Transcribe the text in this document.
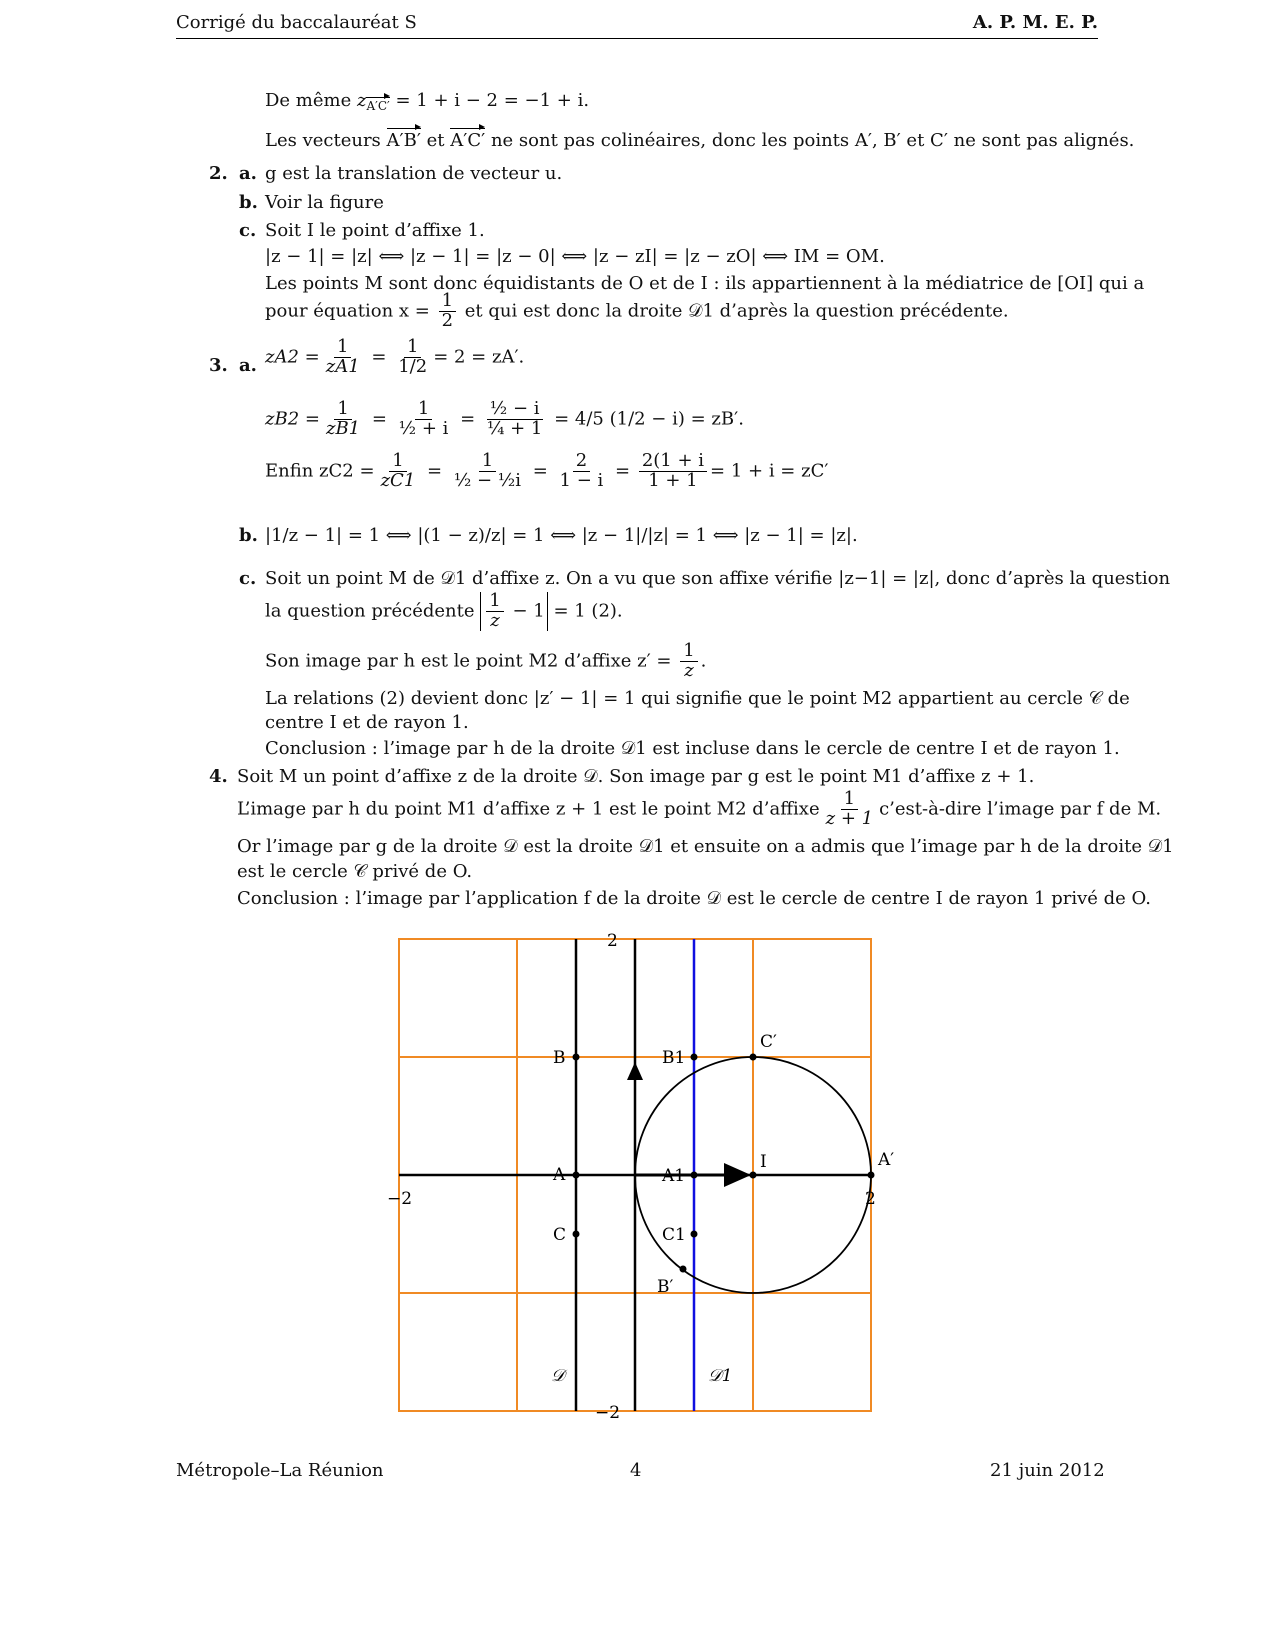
Corrigé du baccalauréat S	A. P. M. E. P.
De même $z_{A'C'} = 1 + i - 2 = -1 + i$.
Les vecteurs A′B′ et A′C′ ne sont pas colinéaires, donc les points A′, B′ et C′ ne sont pas alignés.
2. a. g est la translation de vecteur u.
b. Voir la figure
c. Soit I le point d’affixe 1.
|z − 1| = |z| ⟺ |z − 1| = |z − 0| ⟺ |z − zI| = |z − zO| ⟺ IM = OM.
Les points M sont donc équidistants de O et de I : ils appartiennent à la médiatrice de [OI] qui a
pour équation $x = \frac{1}{2}$ et qui est donc la droite 𝒟1 d’après la question précédente.
3. a. $zA2 = \frac{1}{zA1} = \frac{1}{1/2} = 2 = zA'$.
$zB2 = \frac{1}{zB1} = \frac{1}{\text{½ + i}} = \frac{\text{½ − i}}{\text{¼ + 1}} = 4/5$ (1/2 − i) = zB′.
Enfin $zC2 = \frac{1}{zC1} = \frac{1}{\text{½ − ½i}} = \frac{2}{1 - i} = \frac{2(1 + i}{1 + 1} = 1 + i = zC'$
b. |1/z − 1| = 1 ⟺ |(1 − z)/z| = 1 ⟺ |z − 1|/|z| = 1 ⟺ |z − 1| = |z|.
c. Soit un point M de 𝒟1 d’affixe z. On a vu que son affixe vérifie |z−1| = |z|, donc d’après la question
la question précédente $\frac{1}{z} - 1 = 1$ (2).
Son image par h est le point M2 d’affixe $z' = \frac{1}{z}$ .
La relations (2) devient donc |z′ − 1| = 1 qui signifie que le point M2 appartient au cercle 𝒞 de
centre I et de rayon 1.
Conclusion : l’image par h de la droite 𝒟1 est incluse dans le cercle de centre I et de rayon 1.
4. Soit M un point d’affixe z de la droite 𝒟. Son image par g est le point M1 d’affixe z + 1.
L’image par h du point M1 d’affixe z + 1 est le point M2 d’affixe $\frac{1}{z + 1}$ c’est-à-dire l’image par f de M.
Or l’image par g de la droite 𝒟 est la droite 𝒟1 et ensuite on a admis que l’image par h de la droite 𝒟1
est le cercle 𝒞 privé de O.
Conclusion : l’image par l’application f de la droite 𝒟 est le cercle de centre I de rayon 1 privé de O.
A
B
C
A1
B1
C1
A′
B′
C′
I
2
−2
−2	2
𝒟	𝒟1
Métropole–La Réunion	4	21 juin 2012
